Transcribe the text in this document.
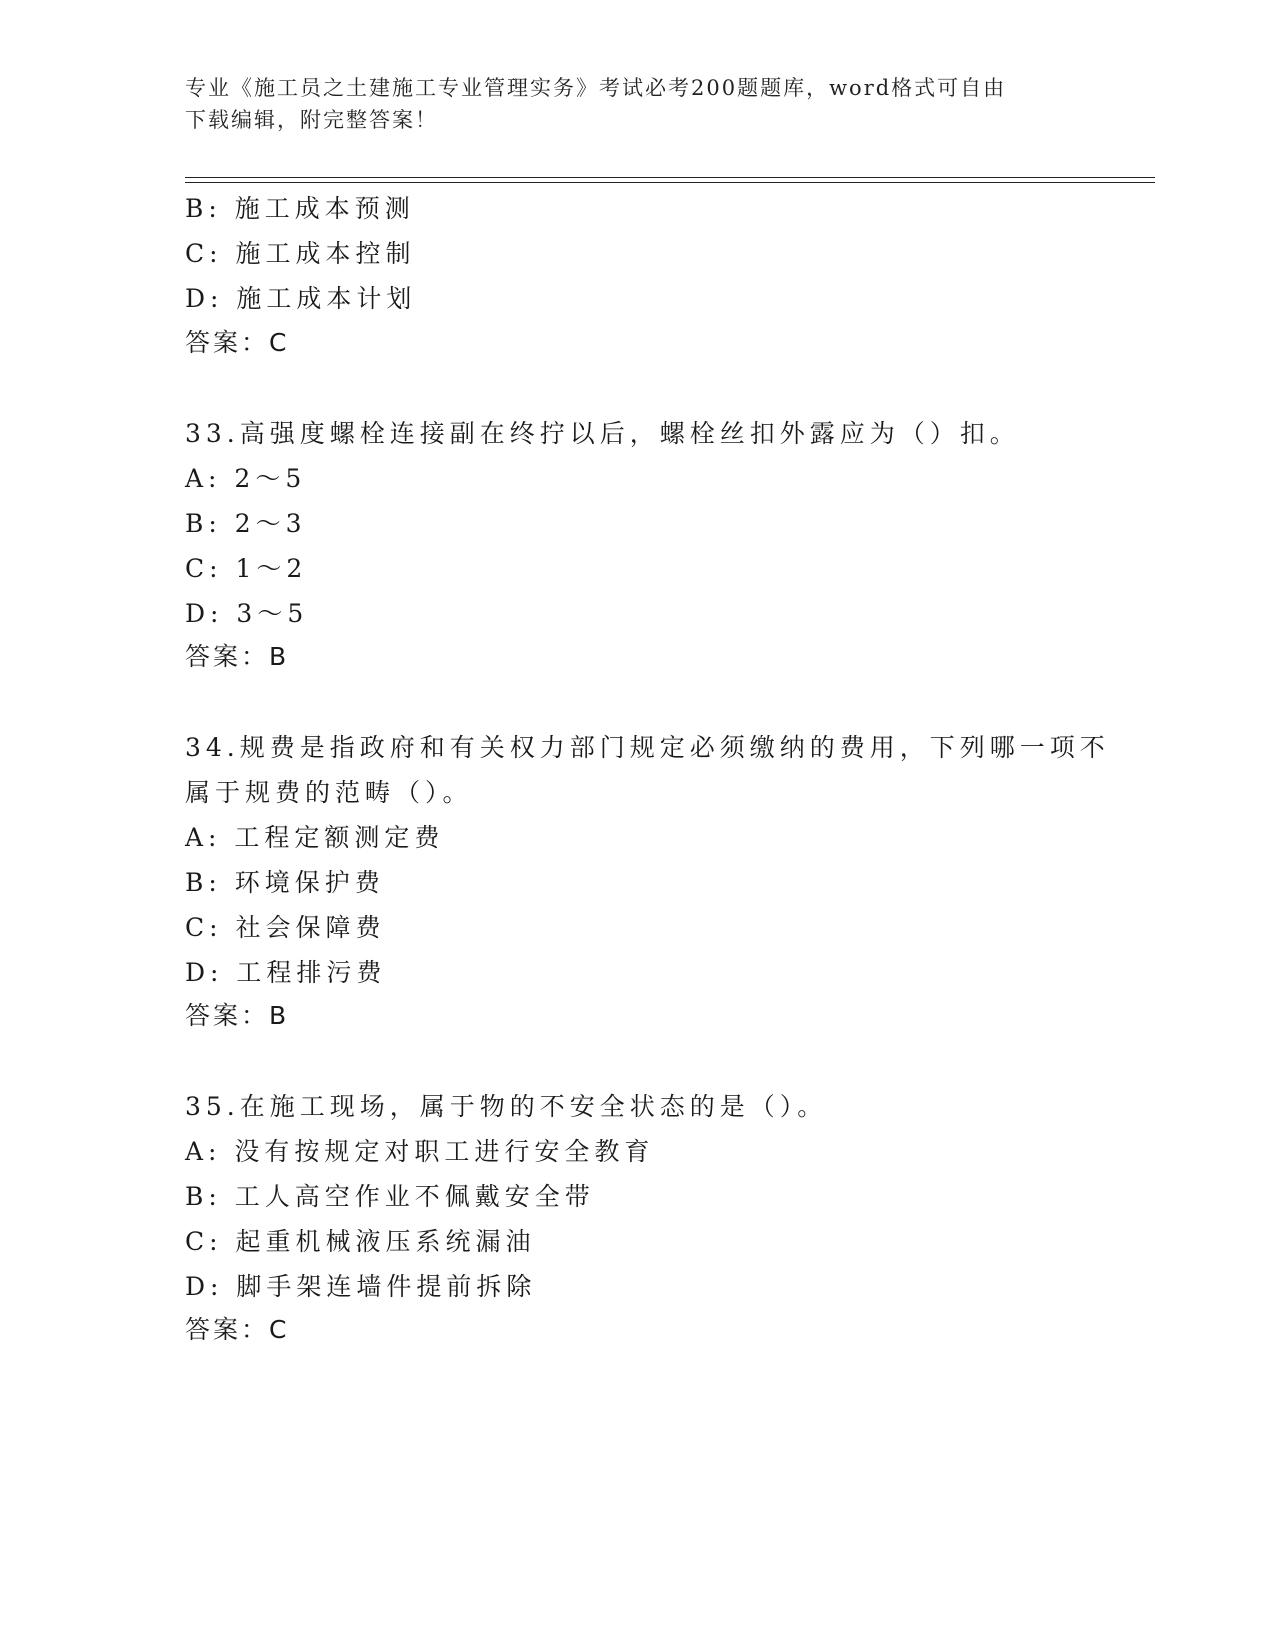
专业《施工员之土建施工专业管理实务》考试必考200题题库，word格式可自由
下载编辑，附完整答案！
B: 施工成本预测
C: 施工成本控制
D: 施工成本计划
答案：C
33.高强度螺栓连接副在终拧以后，螺栓丝扣外露应为（）扣。
A: 2～5
B: 2～3
C: 1～2
D: 3～5
答案：B
34.规费是指政府和有关权力部门规定必须缴纳的费用，下列哪一项不
属于规费的范畴（）。
A: 工程定额测定费
B: 环境保护费
C: 社会保障费
D: 工程排污费
答案：B
35.在施工现场，属于物的不安全状态的是（）。
A: 没有按规定对职工进行安全教育
B: 工人高空作业不佩戴安全带
C: 起重机械液压系统漏油
D: 脚手架连墙件提前拆除
答案：C
